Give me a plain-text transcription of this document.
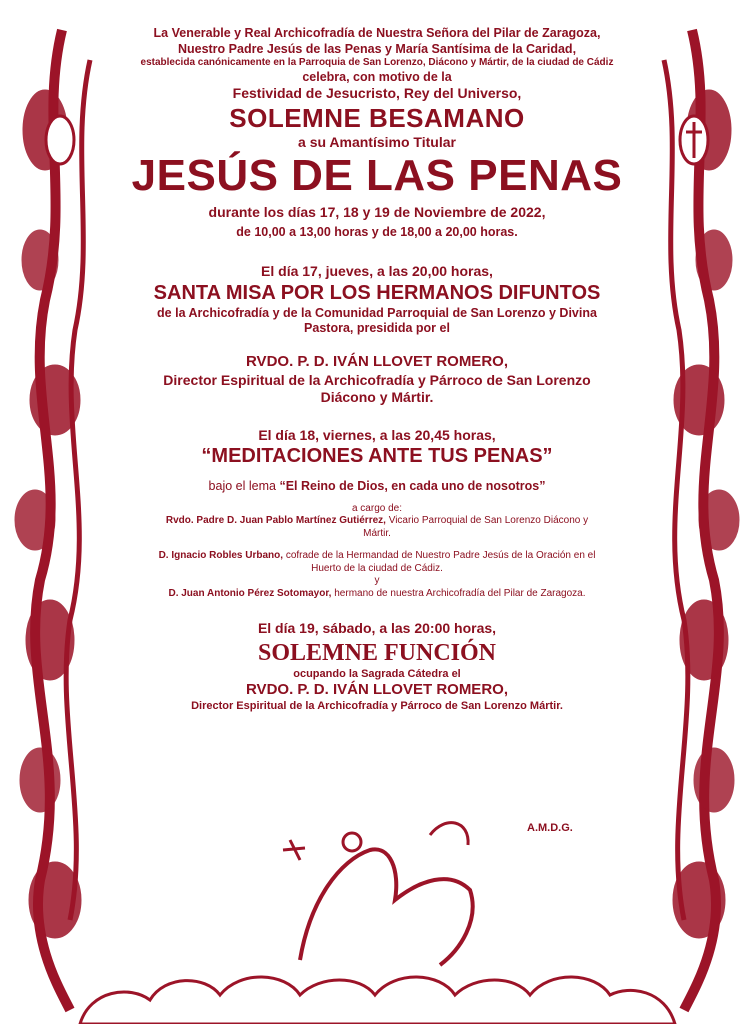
La Venerable y Real Archicofradía de Nuestra Señora del Pilar de Zaragoza,
Nuestro Padre Jesús de las Penas y María Santísima de la Caridad,
establecida canónicamente en la Parroquia de San Lorenzo, Diácono y Mártir, de la ciudad de Cádiz
celebra, con motivo de la
Festividad de Jesucristo, Rey del Universo,
SOLEMNE BESAMANO
a su Amantísimo Titular
JESÚS DE LAS PENAS
durante los días 17, 18 y 19 de Noviembre de 2022,
de 10,00 a 13,00 horas y de 18,00 a 20,00 horas.
El día 17, jueves, a las 20,00 horas,
SANTA MISA POR LOS HERMANOS DIFUNTOS
de la Archicofradía y de la Comunidad Parroquial de San Lorenzo y Divina
Pastora, presidida por el
RVDO. P. D. IVÁN LLOVET ROMERO,
Director Espiritual de la Archicofradía y Párroco de San Lorenzo
Diácono y Mártir.
El día 18, viernes, a las 20,45 horas,
“MEDITACIONES ANTE TUS PENAS”
bajo el lema “El Reino de Dios, en cada uno de nosotros”
a cargo de:
Rvdo. Padre D. Juan Pablo Martínez Gutiérrez, Vicario Parroquial de San Lorenzo Diácono y
Mártir.
D. Ignacio Robles Urbano, cofrade de la Hermandad de Nuestro Padre Jesús de la Oración en el
Huerto de la ciudad de Cádiz.
y
D. Juan Antonio Pérez Sotomayor, hermano de nuestra Archicofradía del Pilar de Zaragoza.
El día 19, sábado, a las 20:00 horas,
SOLEMNE FUNCIÓN
ocupando la Sagrada Cátedra el
RVDO. P. D. IVÁN LLOVET ROMERO,
Director Espiritual de la Archicofradía y Párroco de San Lorenzo Mártir.
A.M.D.G.
